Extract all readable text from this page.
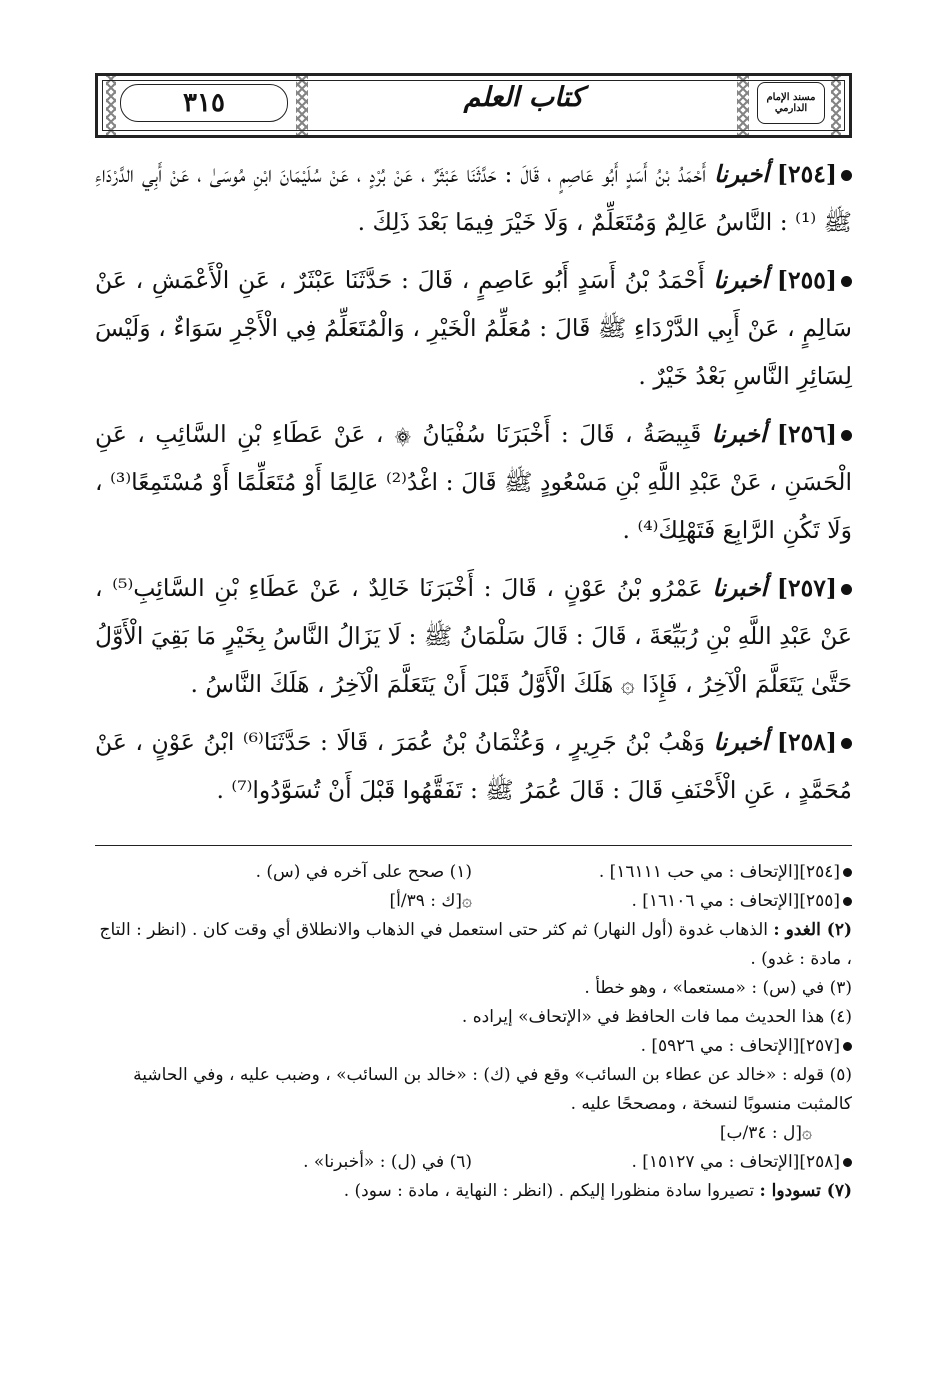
٣١٥	كتاب العلم	مسند الإمام الدارمي

[٢٥٤] أخبرنا أَحْمَدُ بْنُ أَسَدٍ أَبُو عَاصِمٍ ، قَالَ : حَدَّثَنَا عَبْثَرٌ ، عَنْ بُرْدٍ ، عَنْ سُلَيْمَانَ ابْنِ مُوسَىٰ ، عَنْ أَبِي الدَّرْدَاءِ ﷺ ⁽¹⁾ : النَّاسُ عَالِمٌ وَمُتَعَلِّمٌ ، وَلَا خَيْرَ فِيمَا بَعْدَ ذَلِكَ .

[٢٥٥] أخبرنا أَحْمَدُ بْنُ أَسَدٍ أَبُو عَاصِمٍ ، قَالَ : حَدَّثَنَا عَبْثَرٌ ، عَنِ الْأَعْمَشِ ، عَنْ سَالِمٍ ، عَنْ أَبِي الدَّرْدَاءِ ﷺ قَالَ : مُعَلِّمُ الْخَيْرِ ، وَالْمُتَعَلِّمُ فِي الْأَجْرِ سَوَاءٌ ، وَلَيْسَ لِسَائِرِ النَّاسِ بَعْدُ خَيْرٌ .

[٢٥٦] أخبرنا قَبِيصَةُ ، قَالَ : أَخْبَرَنَا سُفْيَانُ ۞ ، عَنْ عَطَاءِ بْنِ السَّائِبِ ، عَنِ الْحَسَنِ ، عَنْ عَبْدِ اللَّهِ بْنِ مَسْعُودٍ ﷺ قَالَ : اغْدُ⁽²⁾ عَالِمًا أَوْ مُتَعَلِّمًا أَوْ مُسْتَمِعًا⁽³⁾ ، وَلَا تَكُنِ الرَّابِعَ فَتَهْلِكَ⁽⁴⁾ .

[٢٥٧] أخبرنا عَمْرُو بْنُ عَوْنٍ ، قَالَ : أَخْبَرَنَا خَالِدٌ ، عَنْ عَطَاءِ بْنِ السَّائِبِ⁽⁵⁾ ، عَنْ عَبْدِ اللَّهِ بْنِ رُبَيِّعَةَ ، قَالَ : قَالَ سَلْمَانُ ﷺ : لَا يَزَالُ النَّاسُ بِخَيْرٍ مَا بَقِيَ الْأَوَّلُ حَتَّىٰ يَتَعَلَّمَ الْآخِرُ ، فَإِذَا ۞ هَلَكَ الْأَوَّلُ قَبْلَ أَنْ يَتَعَلَّمَ الْآخِرُ ، هَلَكَ النَّاسُ .

[٢٥٨] أخبرنا وَهْبُ بْنُ جَرِيرٍ ، وَعُثْمَانُ بْنُ عُمَرَ ، قَالَا : حَدَّثَنَا⁽⁶⁾ ابْنُ عَوْنٍ ، عَنْ مُحَمَّدٍ ، عَنِ الْأَحْنَفِ قَالَ : قَالَ عُمَرُ ﷺ : تَفَقَّهُوا قَبْلَ أَنْ تُسَوَّدُوا⁽⁷⁾ .

[٢٥٤][الإتحاف : مي حب ١٦١١١] .
(١) صحح على آخره في (س) .
[٢٥٥][الإتحاف : مي ١٦١٠٦] .
۞[ك : ٣٩/أ]

(٢) الغدو : الذهاب غدوة (أول النهار) ثم كثر حتى استعمل في الذهاب والانطلاق أي وقت كان . (انظر : التاج ، مادة : غدو) .

(٣) في (س) : «مستعما» ، وهو خطأ .

(٤) هذا الحديث مما فات الحافظ في «الإتحاف» إيراده .

[٢٥٧][الإتحاف : مي ٥٩٢٦] .

(٥) قوله : «خالد عن عطاء بن السائب» وقع في (ك) : «خالد بن السائب» ، وضبب عليه ، وفي الحاشية كالمثبت منسوبًا لنسخة ، ومصححًا عليه .

۞[ل : ٣٤/ب]

[٢٥٨][الإتحاف : مي ١٥١٢٧] .
(٦) في (ل) : «أخبرنا» .

(٧) تسودوا : تصيروا سادة منظورا إليكم . (انظر : النهاية ، مادة : سود) .
